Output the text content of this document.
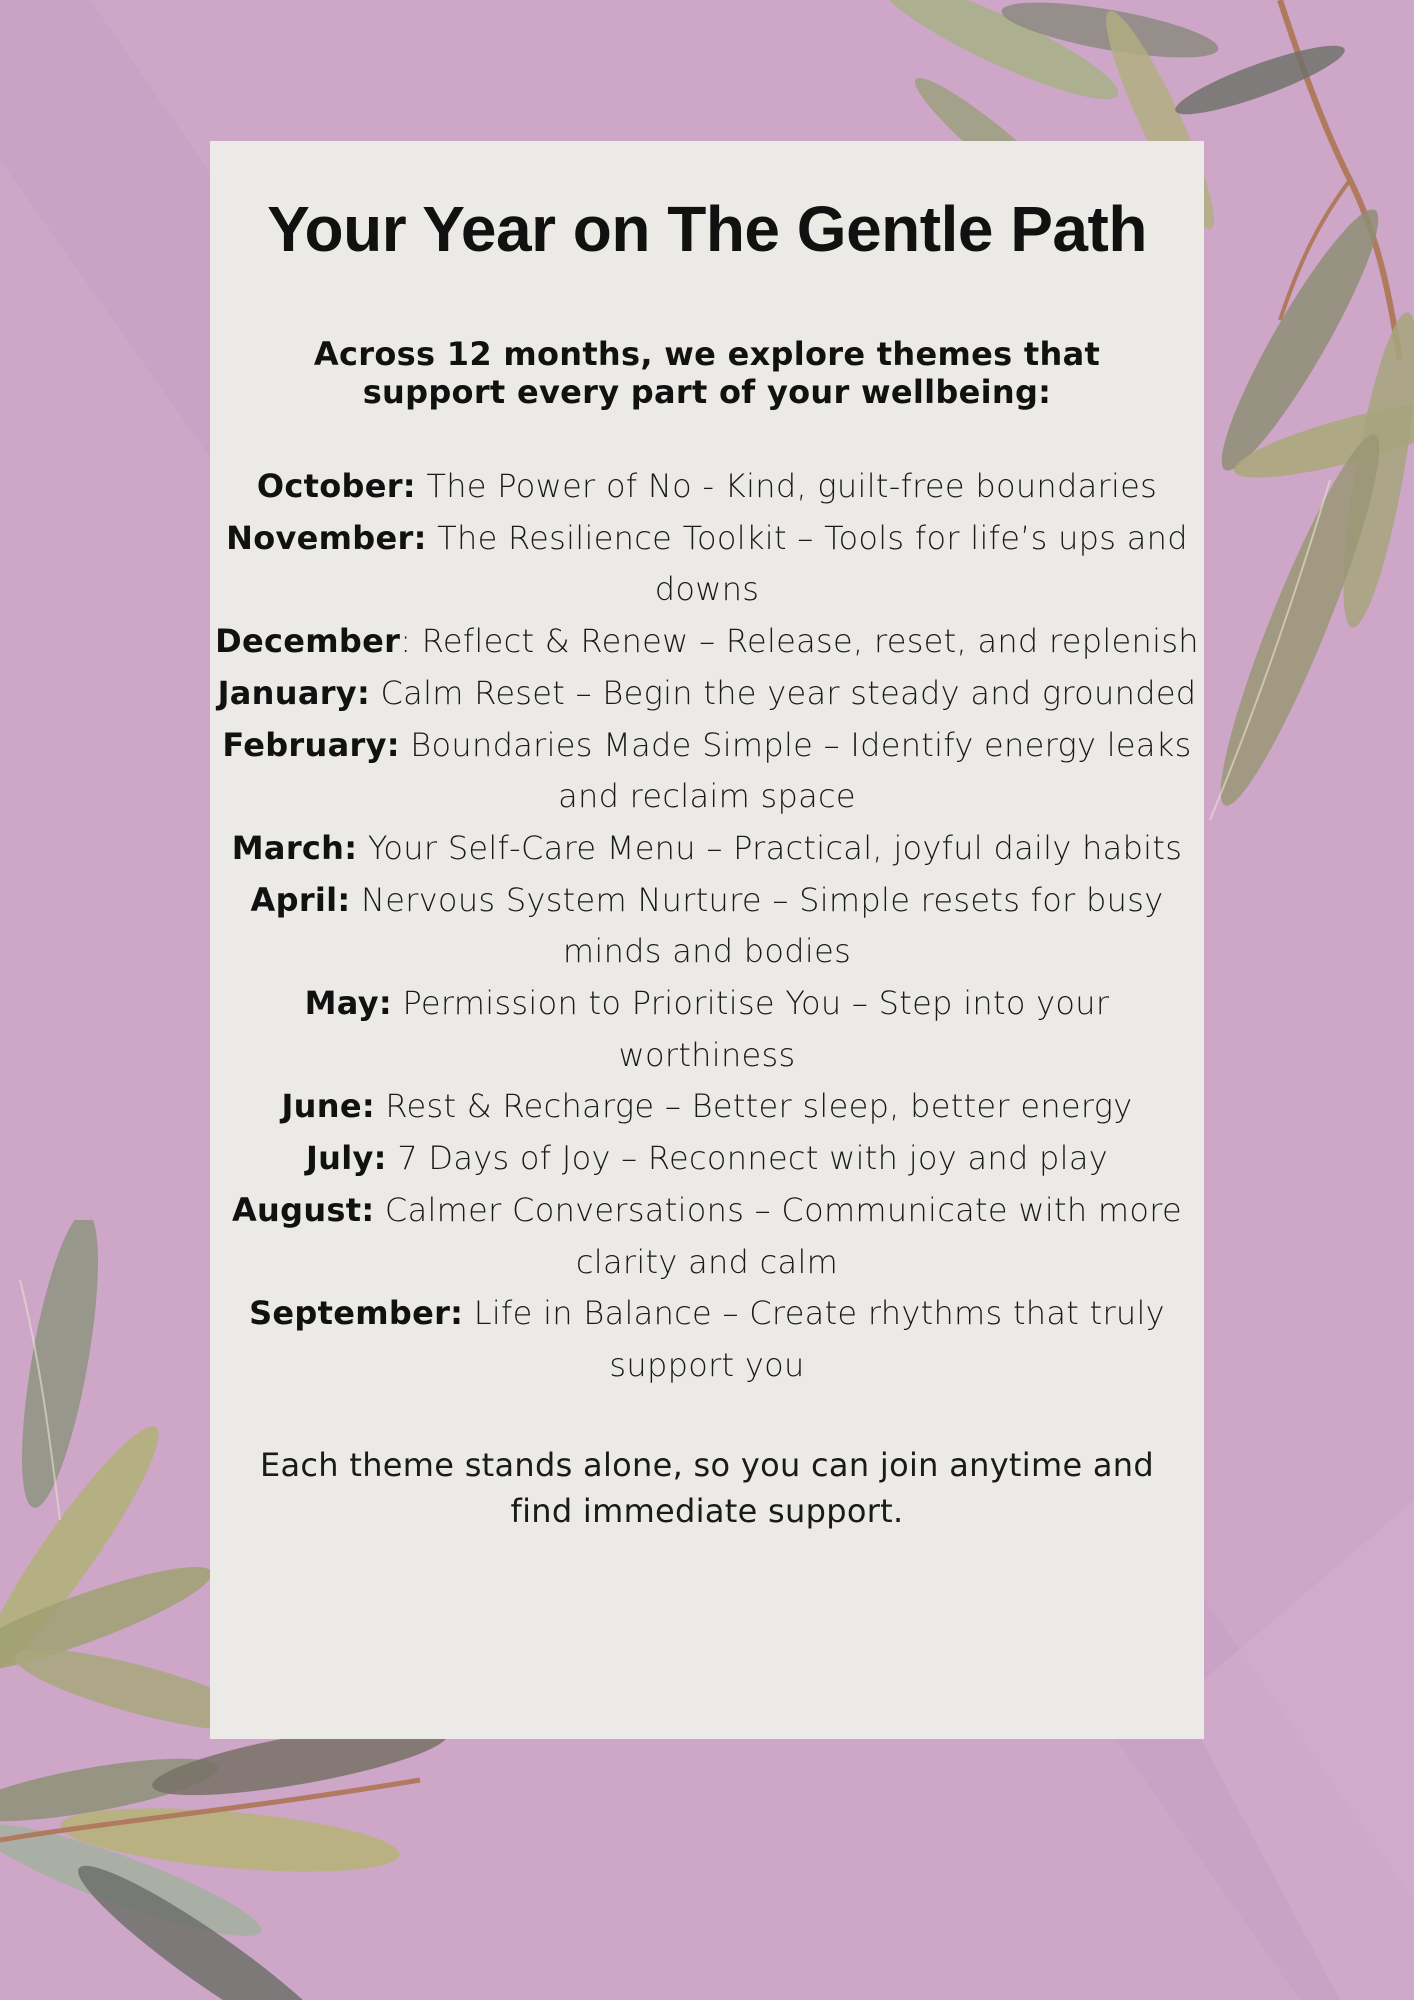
Your Year on The Gentle Path
Across 12 months, we explore themes that support every part of your wellbeing:
October: The Power of No - Kind, guilt-free boundaries
November: The Resilience Toolkit – Tools for life’s ups and downs
December: Reflect & Renew – Release, reset, and replenish
January: Calm Reset – Begin the year steady and grounded
February: Boundaries Made Simple – Identify energy leaks and reclaim space
March: Your Self-Care Menu – Practical, joyful daily habits
April: Nervous System Nurture – Simple resets for busy minds and bodies
May: Permission to Prioritise You – Step into your worthiness
June: Rest & Recharge – Better sleep, better energy
July: 7 Days of Joy – Reconnect with joy and play
August: Calmer Conversations – Communicate with more clarity and calm
September: Life in Balance – Create rhythms that truly support you
Each theme stands alone, so you can join anytime and find immediate support.
